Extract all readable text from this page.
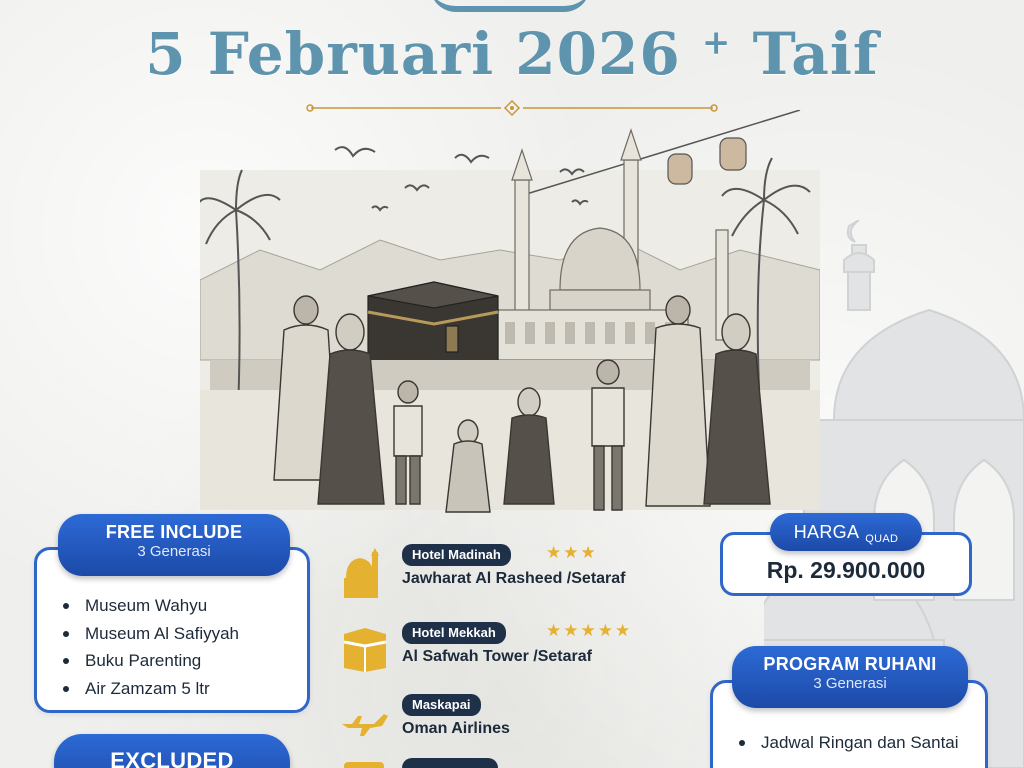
5 Februari 2026 + Taif
Museum Wahyu
Museum Al Safiyyah
Buku Parenting
Air Zamzam 5 ltr
FREE INCLUDE
3 Generasi
EXCLUDED
Hotel Madinah	★★★
Jawharat Al Rasheed /Setaraf
Hotel Mekkah	★★★★★
Al Safwah Tower /Setaraf
Maskapai
Oman Airlines
Rp. 29.900.000
HARGA $_{QUAD}$
Jadwal Ringan dan Santai
PROGRAM RUHANI
3 Generasi
